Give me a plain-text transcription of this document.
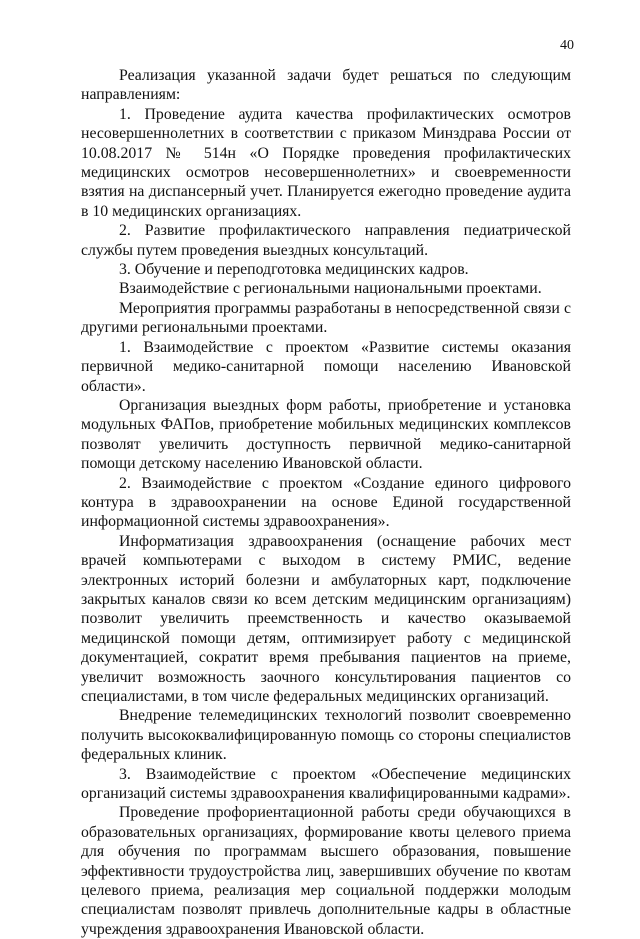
40

Реализация указанной задачи будет решаться по следующим направлениям:

1. Проведение аудита качества профилактических осмотров несовершеннолетних в соответствии с приказом Минздрава России от 10.08.2017 № 514н «О Порядке проведения профилактических медицинских осмотров несовершеннолетних» и своевременности взятия на диспансерный учет. Планируется ежегодно проведение аудита в 10 медицинских организациях.

2. Развитие профилактического направления педиатрической службы путем проведения выездных консультаций.

3. Обучение и переподготовка медицинских кадров.

Взаимодействие с региональными национальными проектами.

Мероприятия программы разработаны в непосредственной связи с другими региональными проектами.

1. Взаимодействие с проектом «Развитие системы оказания первичной медико-санитарной помощи населению Ивановской области».

Организация выездных форм работы, приобретение и установка модульных ФАПов, приобретение мобильных медицинских комплексов позволят увеличить доступность первичной медико-санитарной помощи детскому населению Ивановской области.

2. Взаимодействие с проектом «Создание единого цифрового контура в здравоохранении на основе Единой государственной информационной системы здравоохранения».

Информатизация здравоохранения (оснащение рабочих мест врачей компьютерами с выходом в систему РМИС, ведение электронных историй болезни и амбулаторных карт, подключение закрытых каналов связи ко всем детским медицинским организациям) позволит увеличить преемственность и качество оказываемой медицинской помощи детям, оптимизирует работу с медицинской документацией, сократит время пребывания пациентов на приеме, увеличит возможность заочного консультирования пациентов со специалистами, в том числе федеральных медицинских организаций.

Внедрение телемедицинских технологий позволит своевременно получить высококвалифицированную помощь со стороны специалистов федеральных клиник.

3. Взаимодействие с проектом «Обеспечение медицинских организаций системы здравоохранения квалифицированными кадрами».

Проведение профориентационной работы среди обучающихся в образовательных организациях, формирование квоты целевого приема для обучения по программам высшего образования, повышение эффективности трудоустройства лиц, завершивших обучение по квотам целевого приема, реализация мер социальной поддержки молодым специалистам позволят привлечь дополнительные кадры в областные учреждения здравоохранения Ивановской области.
